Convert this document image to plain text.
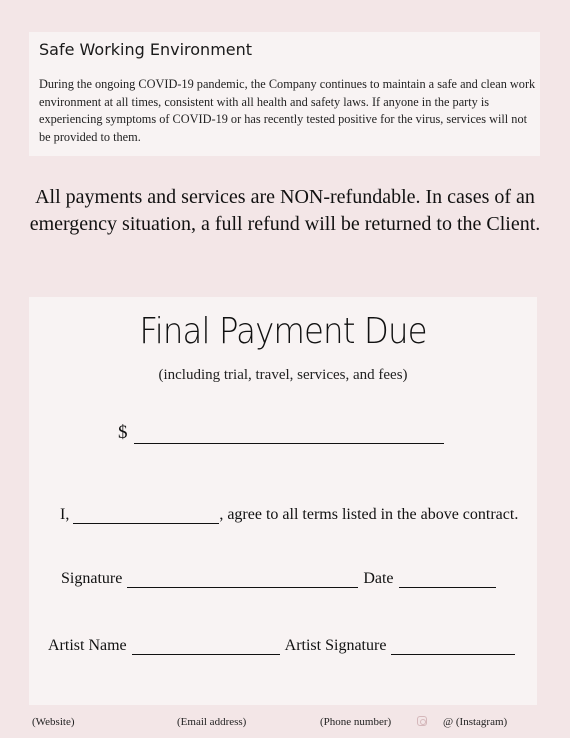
Safe Working Environment

During the ongoing COVID-19 pandemic, the Company continues to maintain a safe and clean work environment at all times, consistent with all health and safety laws. If anyone in the party is experiencing symptoms of COVID-19 or has recently tested positive for the virus, services will not be provided to them.

All payments and services are NON-refundable. In cases of an emergency situation, a full refund will be returned to the Client.

Final Payment Due

(including trial, travel, services, and fees)

$
I,	, agree to all terms listed in the above contract.
Signature	Date
Artist Name	Artist Signature
(Website)	(Email address)	(Phone number)	@ (Instagram)
